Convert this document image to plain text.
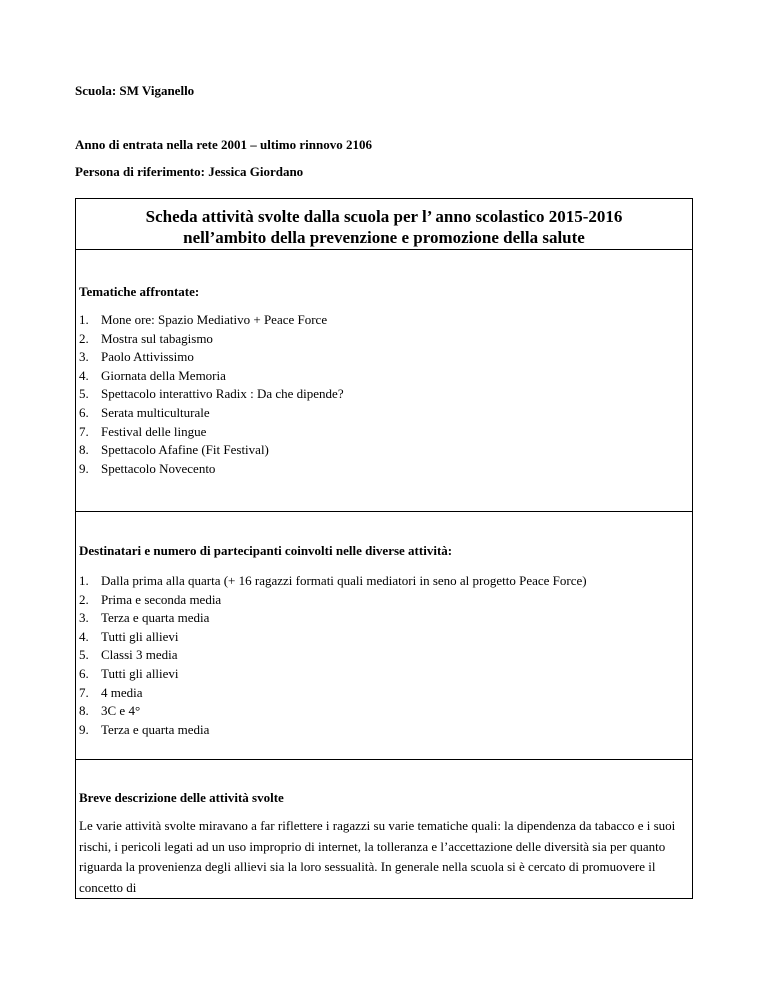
Scuola: SM Viganello
Anno di entrata nella rete 2001 – ultimo rinnovo 2106
Persona di riferimento: Jessica Giordano
Scheda attività svolte dalla scuola per l’ anno scolastico 2015-2016
nell’ambito della prevenzione e promozione della salute
Tematiche affrontate:
1. Mone ore: Spazio Mediativo + Peace Force
2. Mostra sul tabagismo
3. Paolo Attivissimo
4. Giornata della Memoria
5. Spettacolo interattivo Radix : Da che dipende?
6. Serata multiculturale
7. Festival delle lingue
8. Spettacolo Afafine (Fit Festival)
9. Spettacolo Novecento
Destinatari e numero di partecipanti coinvolti nelle diverse attività:
1. Dalla prima alla quarta (+ 16 ragazzi formati quali mediatori in seno al progetto Peace Force)
2. Prima e seconda media
3. Terza e quarta media
4. Tutti gli allievi
5. Classi 3 media
6. Tutti gli allievi
7. 4 media
8. 3C e 4°
9. Terza e quarta media
Breve descrizione delle attività svolte
Le varie attività svolte miravano a far riflettere i ragazzi su varie tematiche quali: la dipendenza da tabacco e i suoi rischi, i pericoli legati ad un uso improprio di internet, la tolleranza e l’accettazione delle diversità sia per quanto riguarda la provenienza degli allievi sia la loro sessualità. In generale nella scuola si è cercato di promuovere il concetto di
